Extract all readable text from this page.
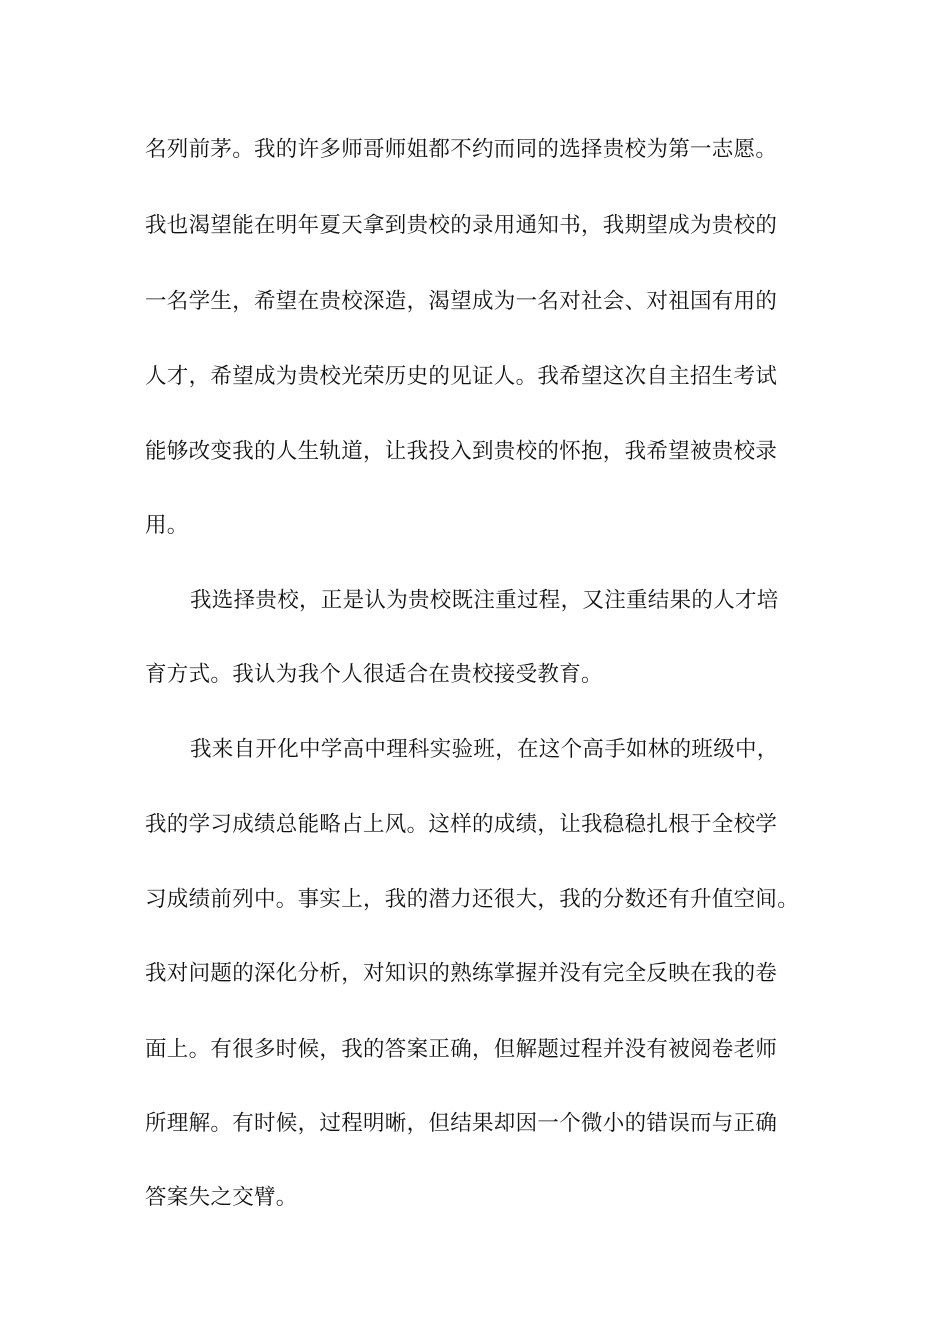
名列前茅。我的许多师哥师姐都不约而同的选择贵校为第一志愿。
我也渴望能在明年夏天拿到贵校的录用通知书，我期望成为贵校的
一名学生，希望在贵校深造，渴望成为一名对社会、对祖国有用的
人才，希望成为贵校光荣历史的见证人。我希望这次自主招生考试
能够改变我的人生轨道，让我投入到贵校的怀抱，我希望被贵校录
用。
我选择贵校，正是认为贵校既注重过程，又注重结果的人才培
育方式。我认为我个人很适合在贵校接受教育。
我来自开化中学高中理科实验班，在这个高手如林的班级中，
我的学习成绩总能略占上风。这样的成绩，让我稳稳扎根于全校学
习成绩前列中。事实上，我的潜力还很大，我的分数还有升值空间。
我对问题的深化分析，对知识的熟练掌握并没有完全反映在我的卷
面上。有很多时候，我的答案正确，但解题过程并没有被阅卷老师
所理解。有时候，过程明晰，但结果却因一个微小的错误而与正确
答案失之交臂。
